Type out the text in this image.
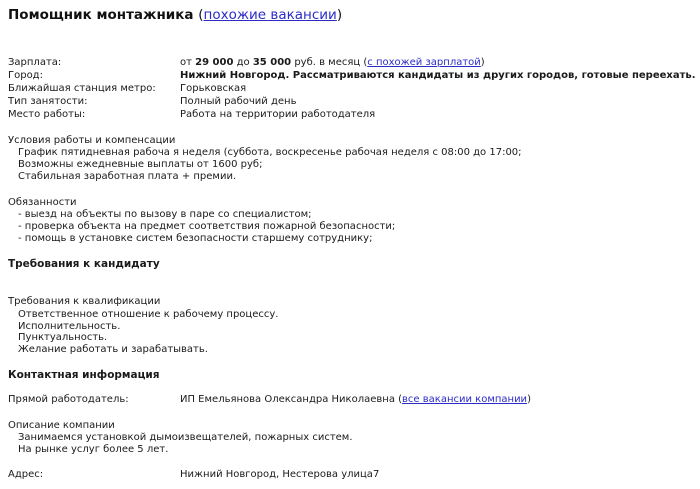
Помощник монтажника (похожие вакансии)
Зарплата:	от 29 000 до 35 000 руб. в месяц (с похожей зарплатой)
Город:	Нижний Новгород. Рассматриваются кандидаты из других городов, готовые переехать.
Ближайшая станция метро: Горьковская
Тип занятости:	Полный рабочий день
Место работы:	Работа на территории работодателя
Условия работы и компенсации
График пятидневная рабоча я неделя (суббота, воскресенье рабочая неделя с 08:00 до 17:00;
Возможны ежедневные выплаты от 1600 руб;
Стабильная заработная плата + премии.
Обязанности
- выезд на объекты по вызову в паре со специалистом;
- проверка объекта на предмет соответствия пожарной безопасности;
- помощь в установке систем безопасности старшему сотруднику;
Требования к кандидату
Требования к квалификации
Ответственное отношение к рабочему процессу.
Исполнительность.
Пунктуальность.
Желание работать и зарабатывать.
Контактная информация
Прямой работодатель:	ИП Емельянова Олександра Николаевна (все вакансии компании)
Описание компании
Занимаемся установкой дымоизвещателей, пожарных систем.
На рынке услуг более 5 лет.
Адрес:	Нижний Новгород, Нестерова улица7
